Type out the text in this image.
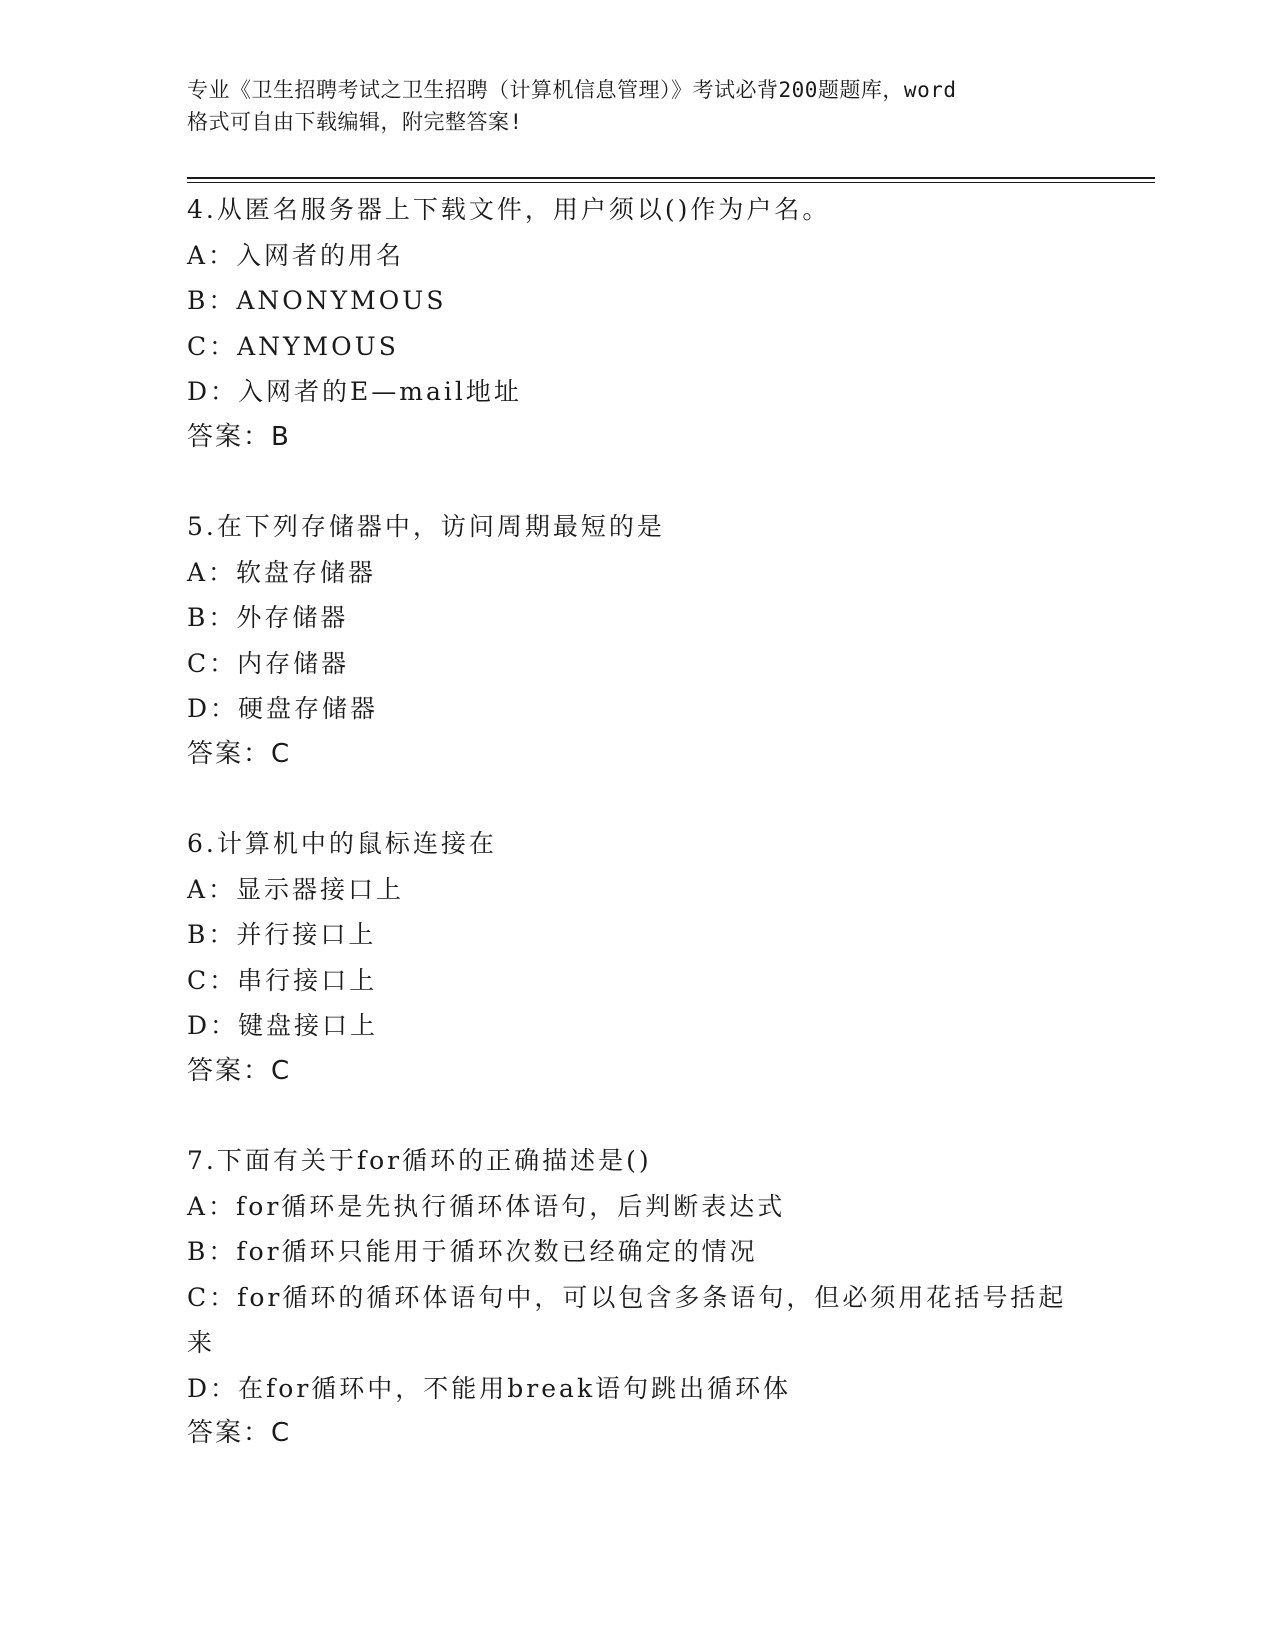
专业《卫生招聘考试之卫生招聘（计算机信息管理）》考试必背200题题库，word
格式可自由下载编辑，附完整答案!
4.从匿名服务器上下载文件，用户须以()作为户名。
A：入网者的用名
B：ANONYMOUS
C：ANYMOUS
D：入网者的E—mail地址
答案：B
5.在下列存储器中，访问周期最短的是
A：软盘存储器
B：外存储器
C：内存储器
D：硬盘存储器
答案：C
6.计算机中的鼠标连接在
A：显示器接口上
B：并行接口上
C：串行接口上
D：键盘接口上
答案：C
7.下面有关于for循环的正确描述是()
A：for循环是先执行循环体语句，后判断表达式
B：for循环只能用于循环次数已经确定的情况
C：for循环的循环体语句中，可以包含多条语句，但必须用花括号括起来
D：在for循环中，不能用break语句跳出循环体
答案：C
